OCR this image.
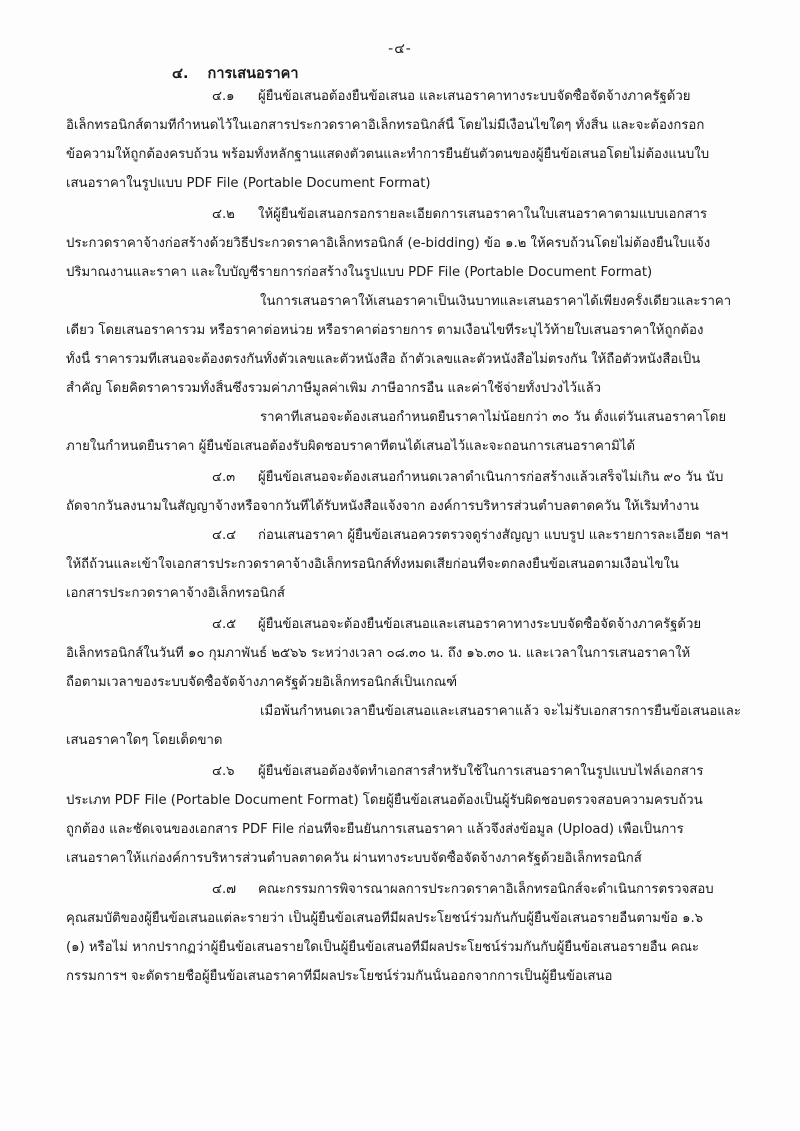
-๔-
๔. การเสนอราคา
๔.๑ ผู้ยื่นข้อเสนอต้องยื่นข้อเสนอ และเสนอราคาทางระบบจัดซื้อจัดจ้างภาครัฐด้วย
อิเล็กทรอนิกส์ตามที่กำหนดไว้ในเอกสารประกวดราคาอิเล็กทรอนิกส์นี้ โดยไม่มีเงื่อนไขใดๆ ทั้งสิ้น และจะต้องกรอก
ข้อความให้ถูกต้องครบถ้วน พร้อมทั้งหลักฐานแสดงตัวตนและทำการยืนยันตัวตนของผู้ยื่นข้อเสนอโดยไม่ต้องแนบใบ
เสนอราคาในรูปแบบ PDF File (Portable Document Format)
๔.๒ ให้ผู้ยื่นข้อเสนอกรอกรายละเอียดการเสนอราคาในใบเสนอราคาตามแบบเอกสาร
ประกวดราคาจ้างก่อสร้างด้วยวิธีประกวดราคาอิเล็กทรอนิกส์ (e-bidding) ข้อ ๑.๒ ให้ครบถ้วนโดยไม่ต้องยื่นใบแจ้ง
ปริมาณงานและราคา และใบบัญชีรายการก่อสร้างในรูปแบบ PDF File (Portable Document Format)
ในการเสนอราคาให้เสนอราคาเป็นเงินบาทและเสนอราคาได้เพียงครั้งเดียวและราคา
เดียว โดยเสนอราคารวม หรือราคาต่อหน่วย หรือราคาต่อรายการ ตามเงื่อนไขที่ระบุไว้ท้ายใบเสนอราคาให้ถูกต้อง
ทั้งนี้ ราคารวมที่เสนอจะต้องตรงกันทั้งตัวเลขและตัวหนังสือ ถ้าตัวเลขและตัวหนังสือไม่ตรงกัน ให้ถือตัวหนังสือเป็น
สำคัญ โดยคิดราคารวมทั้งสิ้นซึ่งรวมค่าภาษีมูลค่าเพิ่ม ภาษีอากรอื่น และค่าใช้จ่ายทั้งปวงไว้แล้ว
ราคาที่เสนอจะต้องเสนอกำหนดยืนราคาไม่น้อยกว่า ๓๐ วัน ตั้งแต่วันเสนอราคาโดย
ภายในกำหนดยืนราคา ผู้ยื่นข้อเสนอต้องรับผิดชอบราคาที่ตนได้เสนอไว้และจะถอนการเสนอราคามิได้
๔.๓ ผู้ยื่นข้อเสนอจะต้องเสนอกำหนดเวลาดำเนินการก่อสร้างแล้วเสร็จไม่เกิน ๙๐ วัน นับ
ถัดจากวันลงนามในสัญญาจ้างหรือจากวันที่ได้รับหนังสือแจ้งจาก องค์การบริหารส่วนตำบลตาดควัน ให้เริ่มทำงาน
๔.๔ ก่อนเสนอราคา ผู้ยื่นข้อเสนอควรตรวจดูร่างสัญญา แบบรูป และรายการละเอียด ฯลฯ
ให้ถี่ถ้วนและเข้าใจเอกสารประกวดราคาจ้างอิเล็กทรอนิกส์ทั้งหมดเสียก่อนที่จะตกลงยื่นข้อเสนอตามเงื่อนไขใน
เอกสารประกวดราคาจ้างอิเล็กทรอนิกส์
๔.๕ ผู้ยื่นข้อเสนอจะต้องยื่นข้อเสนอและเสนอราคาทางระบบจัดซื้อจัดจ้างภาครัฐด้วย
อิเล็กทรอนิกส์ในวันที่ ๑๐ กุมภาพันธ์ ๒๕๖๖ ระหว่างเวลา ๐๘.๓๐ น. ถึง ๑๖.๓๐ น. และเวลาในการเสนอราคาให้
ถือตามเวลาของระบบจัดซื้อจัดจ้างภาครัฐด้วยอิเล็กทรอนิกส์เป็นเกณฑ์
เมื่อพ้นกำหนดเวลายื่นข้อเสนอและเสนอราคาแล้ว จะไม่รับเอกสารการยื่นข้อเสนอและ
เสนอราคาใดๆ โดยเด็ดขาด
๔.๖ ผู้ยื่นข้อเสนอต้องจัดทำเอกสารสำหรับใช้ในการเสนอราคาในรูปแบบไฟล์เอกสาร
ประเภท PDF File (Portable Document Format) โดยผู้ยื่นข้อเสนอต้องเป็นผู้รับผิดชอบตรวจสอบความครบถ้วน
ถูกต้อง และชัดเจนของเอกสาร PDF File ก่อนที่จะยืนยันการเสนอราคา แล้วจึงส่งข้อมูล (Upload) เพื่อเป็นการ
เสนอราคาให้แก่องค์การบริหารส่วนตำบลตาดควัน ผ่านทางระบบจัดซื้อจัดจ้างภาครัฐด้วยอิเล็กทรอนิกส์
๔.๗ คณะกรรมการพิจารณาผลการประกวดราคาอิเล็กทรอนิกส์จะดำเนินการตรวจสอบ
คุณสมบัติของผู้ยื่นข้อเสนอแต่ละรายว่า เป็นผู้ยื่นข้อเสนอที่มีผลประโยชน์ร่วมกันกับผู้ยื่นข้อเสนอรายอื่นตามข้อ ๑.๖
(๑) หรือไม่ หากปรากฏว่าผู้ยื่นข้อเสนอรายใดเป็นผู้ยื่นข้อเสนอที่มีผลประโยชน์ร่วมกันกับผู้ยื่นข้อเสนอรายอื่น คณะ
กรรมการฯ จะตัดรายชื่อผู้ยื่นข้อเสนอราคาที่มีผลประโยชน์ร่วมกันนั้นออกจากการเป็นผู้ยื่นข้อเสนอ
